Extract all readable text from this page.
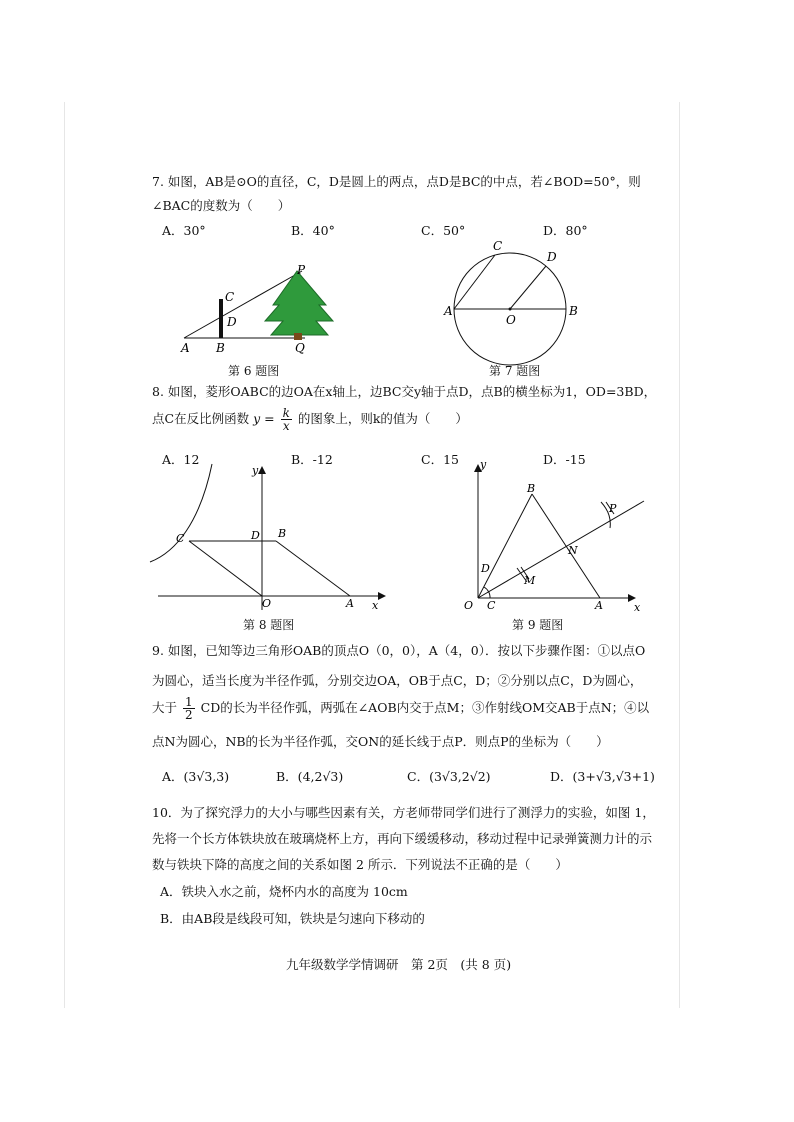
7. 如图，AB是⊙O的直径，C，D是圆上的两点，点D是BC的中点，若∠BOD=50°，则
∠BAC的度数为（　　）
A．30°	B．40°	C．50°	D．80°
P
C
D
A B	Q
第 6 题图
C
D
A
O
B
第 7 题图
8. 如图，菱形OABC的边OA在x轴上，边BC交y轴于点D，点B的横坐标为1，OD=3BD，
点C在反比例函数 $y = \frac{k}{x}$ 的图象上，则k的值为（　　）
A．12	B．-12	C．15	D．-15
y
C	D B
O	A x
第 8 题图
y
B
P
N
D
M
O C	A	x
第 9 题图
9. 如图，已知等边三角形OAB的顶点O（0，0），A（4，0）．按以下步骤作图：①以点O
为圆心，适当长度为半径作弧，分别交边OA，OB于点C，D；②分别以点C，D为圆心，
大于 $\frac{1}{2}$ CD的长为半径作弧，两弧在∠AOB内交于点M；③作射线OM交AB于点N；④以
点N为圆心，NB的长为半径作弧，交ON的延长线于点P．则点P的坐标为（　　）
A．(3√3,3)	B．(4,2√3)	C．(3√3,2√2)	D．(3+√3,√3+1)
10．为了探究浮力的大小与哪些因素有关，方老师带同学们进行了测浮力的实验，如图 1，
先将一个长方体铁块放在玻璃烧杯上方，再向下缓缓移动，移动过程中记录弹簧测力计的示
数与铁块下降的高度之间的关系如图 2 所示．下列说法不正确的是（　　）
A．铁块入水之前，烧杯内水的高度为 10cm
B．由AB段是线段可知，铁块是匀速向下移动的
九年级数学学情调研　第 2页　(共 8 页)
